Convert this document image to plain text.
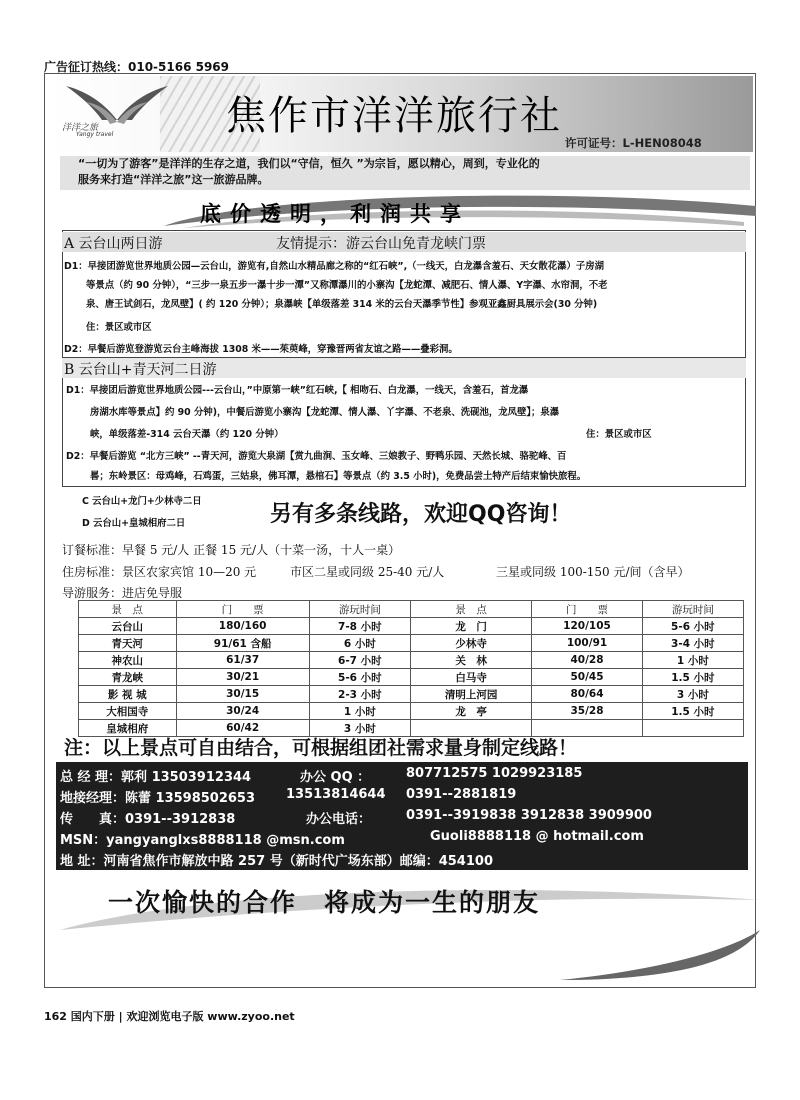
广告征订热线：010-5166 5969
洋洋之旅
Yangy travel	焦作市洋洋旅行社
许可证号：L-HEN08048
“一切为了游客”是洋洋的生存之道，我们以“守信，恒久 ”为宗旨，愿以精心，周到，专业化的
服务来打造“洋洋之旅”这一旅游品牌。
底价透明，利润共享
A 云台山两日游	友情提示：游云台山免青龙峡门票
D1：早接团游览世界地质公园—云台山，游览有,自然山水精品廊之称的“红石峡”,（一线天，白龙瀑含羞石、天女散花瀑）子房湖
等景点（约 90 分钟），“三步一泉五步一瀑十步一潭”又称潭瀑川的小寨沟【龙蛇潭、减肥石、情人瀑、Y字瀑、水帘洞，不老
泉、唐王试剑石，龙凤壁】( 约 120 分钟）；泉瀑峡【单级落差 314 米的云台天瀑季节性】参观亚鑫厨具展示会(30 分钟)
住：景区或市区
D2：早餐后游览登游览云台主峰海拔 1308 米——茱萸峰，穿豫晋两省友谊之路——叠彩洞。
B 云台山+青天河二日游
D1：早接团后游览世界地质公园---云台山，”中原第一峡”红石峡,【 相吻石、白龙瀑，一线天，含羞石，首龙瀑
房湖水库等景点】约 90 分钟)，中餐后游览小寨沟【龙蛇潭、情人瀑、丫字瀑、不老泉、洗砚池，龙凤壁】；泉瀑
峡，单级落差-314 云台天瀑（约 120 分钟）	住：景区或市区
D2：早餐后游览 “北方三峡” --青天河，游览大泉湖【赏九曲涧、玉女峰、三娘教子、野鸭乐园、天然长城、骆驼峰、百
晷；东岭景区：母鸡峰，石鸡蛋，三姑泉，佛耳潭，悬棺石】等景点（约 3.5 小时)，免费品尝土特产后结束愉快旅程。
C 云台山+龙门+少林寺二日
D 云台山+皇城相府二日	另有多条线路，欢迎QQ咨询！
订餐标准：早餐 5 元/人 正餐 15 元/人（十菜一汤，十人一桌）
住房标准：景区农家宾馆 10—20 元	市区二星或同级 25-40 元/人	三星或同级 100-150 元/间（含早）
导游服务：进店免导服
景　点	门　　票	游玩时间	景　点	门　　票	游玩时间
云台山	180/160	7-8 小时	龙　门	120/105	5-6 小时
青天河	91/61 含船	6 小时	少林寺	100/91	3-4 小时
神农山	61/37	6-7 小时	关　林	40/28	1 小时
青龙峡	30/21	5-6 小时	白马寺	50/45	1.5 小时
影 视 城	30/15	2-3 小时	清明上河园	80/64	3 小时
大相国寺	30/24	1 小时	龙　亭	35/28	1.5 小时
皇城相府	60/42	3 小时			
注：以上景点可自由结合，可根据组团社需求量身制定线路！
总 经 理：郭利 13503912344	办公 QQ ：	807712575 1029923185
地接经理：陈蕾 13598502653 13513814644 0391--2881819
传　　真：0391--3912838	办公电话：	0391--3919838 3912838 3909900
MSN：yangyanglxs8888118 @msn.com	Guoli8888118 @ hotmail.com
地 址：河南省焦作市解放中路 257 号（新时代广场东部）邮编：454100
一次愉快的合作　将成为一生的朋友
162 国内下册 | 欢迎浏览电子版 www.zyoo.net
